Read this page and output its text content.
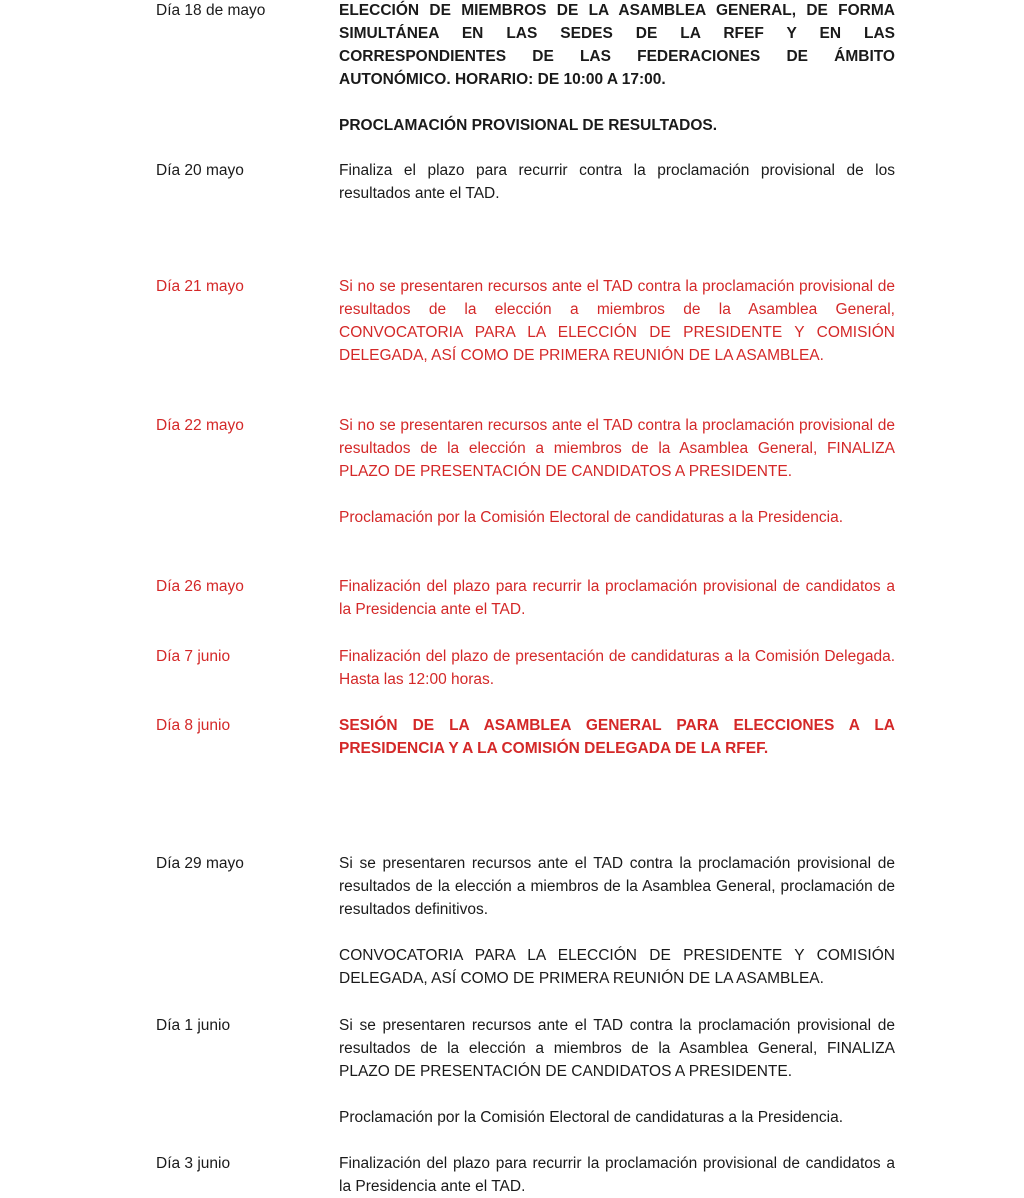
Día 18 de mayo	ELECCIÓN DE MIEMBROS DE LA ASAMBLEA GENERAL, DE FORMA SIMULTÁNEA EN LAS SEDES DE LA RFEF Y EN LAS CORRESPONDIENTES DE LAS FEDERACIONES DE ÁMBITO AUTONÓMICO. HORARIO: DE 10:00 A 17:00.

PROCLAMACIÓN PROVISIONAL DE RESULTADOS.

Día 20 mayo	Finaliza el plazo para recurrir contra la proclamación provisional de los resultados ante el TAD.

Día 21 mayo	Si no se presentaren recursos ante el TAD contra la proclamación provisional de resultados de la elección a miembros de la Asamblea General, CONVOCATORIA PARA LA ELECCIÓN DE PRESIDENTE Y COMISIÓN DELEGADA, ASÍ COMO DE PRIMERA REUNIÓN DE LA ASAMBLEA.

Día 22 mayo	Si no se presentaren recursos ante el TAD contra la proclamación provisional de resultados de la elección a miembros de la Asamblea General, FINALIZA PLAZO DE PRESENTACIÓN DE CANDIDATOS A PRESIDENTE.

Proclamación por la Comisión Electoral de candidaturas a la Presidencia.

Día 26 mayo	Finalización del plazo para recurrir la proclamación provisional de candidatos a la Presidencia ante el TAD.

Día 7 junio	Finalización del plazo de presentación de candidaturas a la Comisión Delegada. Hasta las 12:00 horas.

Día 8 junio	SESIÓN DE LA ASAMBLEA GENERAL PARA ELECCIONES A LA PRESIDENCIA Y A LA COMISIÓN DELEGADA DE LA RFEF.

Día 29 mayo	Si se presentaren recursos ante el TAD contra la proclamación provisional de resultados de la elección a miembros de la Asamblea General, proclamación de resultados definitivos.

CONVOCATORIA PARA LA ELECCIÓN DE PRESIDENTE Y COMISIÓN DELEGADA, ASÍ COMO DE PRIMERA REUNIÓN DE LA ASAMBLEA.

Día 1 junio	Si se presentaren recursos ante el TAD contra la proclamación provisional de resultados de la elección a miembros de la Asamblea General, FINALIZA PLAZO DE PRESENTACIÓN DE CANDIDATOS A PRESIDENTE.

Proclamación por la Comisión Electoral de candidaturas a la Presidencia.

Día 3 junio	Finalización del plazo para recurrir la proclamación provisional de candidatos a la Presidencia ante el TAD.
